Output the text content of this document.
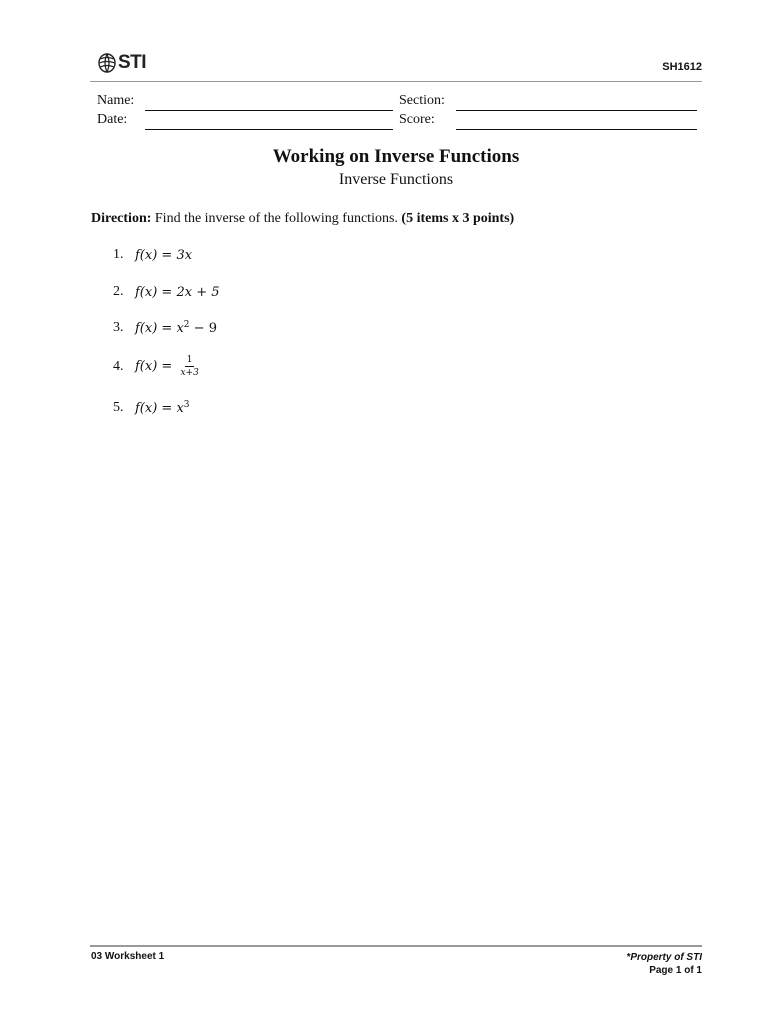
STI	SH1612
Name:	Section:
Date:	Score:
Working on Inverse Functions
Inverse Functions
Direction: Find the inverse of the following functions. (5 items x 3 points)
1. f(x) = 3x
2. f(x) = 2x + 5
3. $f(x) = x^2 - 9$
4. $f(x) = \frac{1}{x+3}$
5. $f(x) = x^3$
03 Worksheet 1	*Property of STI
Page 1 of 1
